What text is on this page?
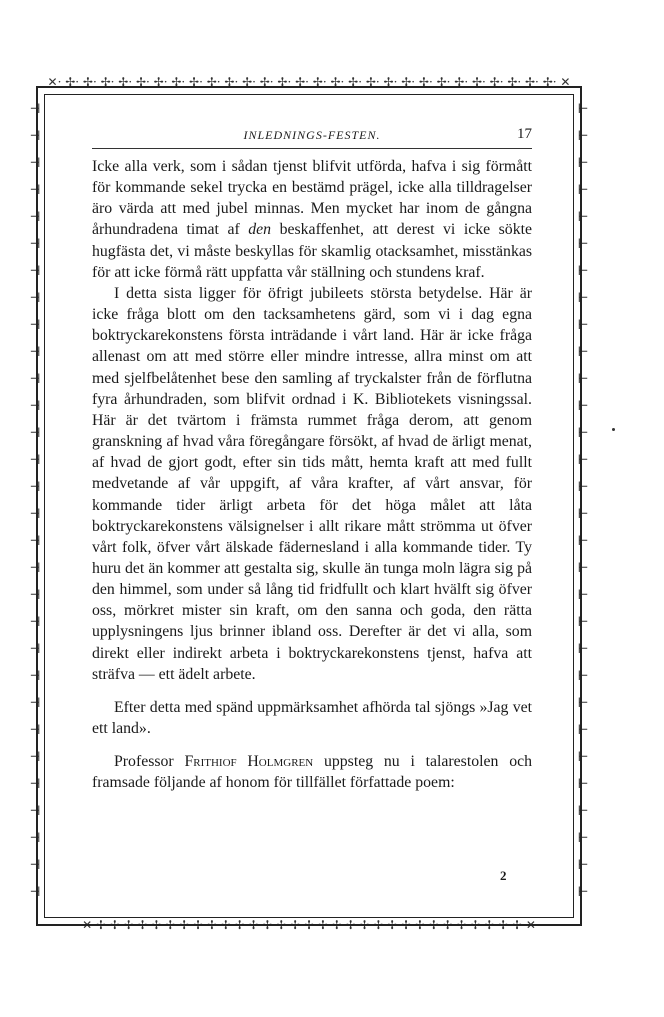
✕· ✢· ✢· ✢· ✢· ✢· ✢· ✢· ✢· ✢· ✢· ✢· ✢· ✢· ✢· ✢· ✢· ✢· ✢· ✢· ✢· ✢· ✢· ✢· ✢· ✢· ✢· ✢· ✢· ✕
✕ ✢ ✢ ✢ ✢ ✢ ✢ ✢ ✢ ✢ ✢ ✢ ✢ ✢ ✢ ✢ ✢ ✢ ✢ ✢ ✢ ✢ ✢ ✢ ✢ ✢ ✢ ✢ ✢ ✢ ✢ ✢ ✕
⊣
⊣
⊣
⊣
⊣
⊣
⊣
⊣
⊣
⊣
⊣
⊣
⊣
⊣
⊣
⊣
⊣
⊣
⊣
⊣
⊣
⊣
⊣
⊣
⊣
⊣
⊣
⊣
⊣
⊣
⊢
⊢
⊢
⊢
⊢
⊢
⊢
⊢
⊢
⊢
⊢
⊢
⊢
⊢
⊢
⊢
⊢
⊢
⊢
⊢
⊢
⊢
⊢
⊢
⊢
⊢
⊢
⊢
⊢
⊢
INLEDNINGS-FESTEN.	17

Icke alla verk, som i sådan tjenst blifvit utförda, hafva i sig förmått för kommande sekel trycka en bestämd prägel, icke alla tilldragelser äro värda att med jubel minnas. Men mycket har inom de gångna århundradena timat af den beskaffenhet, att derest vi icke sökte hugfästa det, vi måste beskyllas för skamlig otacksamhet, misstänkas för att icke förmå rätt uppfatta vår ställning och stundens kraf.

I detta sista ligger för öfrigt jubileets största betydelse. Här är icke fråga blott om den tacksamhetens gärd, som vi i dag egna boktryckarekonstens första inträdande i vårt land. Här är icke fråga allenast om att med större eller mindre intresse, allra minst om att med sjelfbelåtenhet bese den samling af tryckalster från de förflutna fyra århundraden, som blifvit ordnad i K. Bibliotekets visningssal. Här är det tvärtom i främsta rummet fråga derom, att genom granskning af hvad våra föregångare försökt, af hvad de ärligt menat, af hvad de gjort godt, efter sin tids mått, hemta kraft att med fullt medvetande af vår uppgift, af våra krafter, af vårt ansvar, för kommande tider ärligt arbeta för det höga målet att låta boktryckarekonstens välsignelser i allt rikare mått strömma ut öfver vårt folk, öfver vårt älskade fädernesland i alla kommande tider. Ty huru det än kommer att gestalta sig, skulle än tunga moln lägra sig på den himmel, som under så lång tid fridfullt och klart hvälft sig öfver oss, mörkret mister sin kraft, om den sanna och goda, den rätta upplysningens ljus brinner ibland oss. Derefter är det vi alla, som direkt eller indirekt arbeta i boktryckarekonstens tjenst, hafva att sträfva — ett ädelt arbete.

Efter detta med spänd uppmärksamhet afhörda tal sjöngs »Jag vet ett land».

Professor Frithiof Holmgren uppsteg nu i talarestolen och framsade följande af honom för tillfället författade poem:

2
